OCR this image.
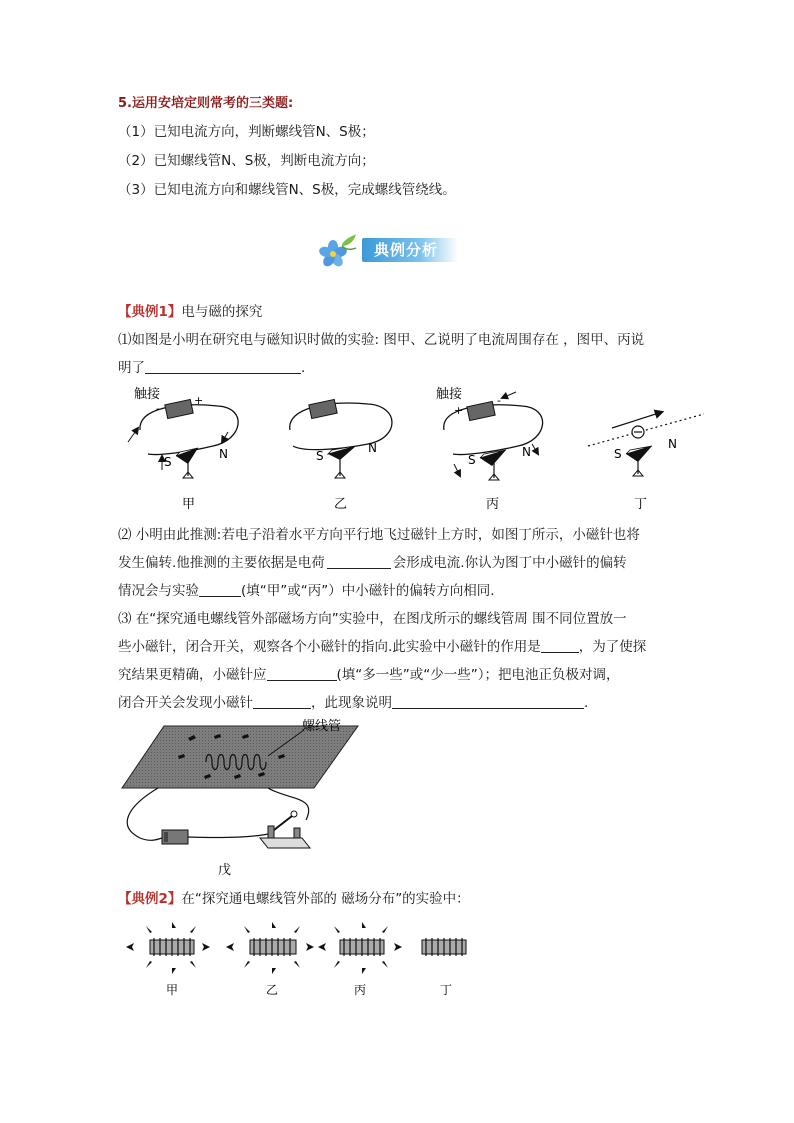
5.运用安培定则常考的三类题:
（1）已知电流方向，判断螺线管N、S极；
（2）已知螺线管N、S极，判断电流方向；
（3）已知电流方向和螺线管N、S极，完成螺线管绕线。
典例分析
【典例1】电与磁的探究
⑴如图是小明在研究电与磁知识时做的实验: 图甲、乙说明了电流周围存在 ，图甲、丙说
明了	.
触接
-
+
S
N
甲
S
N
乙
触接
+
-
S
N
丙
S
N
丁
⑵ 小明由此推测:若电子沿着水平方向平行地飞过磁针上方时，如图丁所示，小磁针也将
发生偏转.他推测的主要依据是电荷	会形成电流.你认为图丁中小磁针的偏转
情况会与实验	(填“甲”或“丙”）中小磁针的偏转方向相同.
⑶ 在“探究通电螺线管外部磁场方向”实验中，在图戊所示的螺线管周 围不同位置放一
些小磁针，闭合开关，观察各个小磁针的指向.此实验中小磁针的作用是	，为了使探
究结果更精确，小磁针应	(填“多一些”或“少一些”）；把电池正负极对调，
闭合开关会发现小磁针	，此现象说明	.
螺线管
戊
【典例2】在“探究通电螺线管外部的 磁场分布”的实验中：
甲	乙	丙	丁
